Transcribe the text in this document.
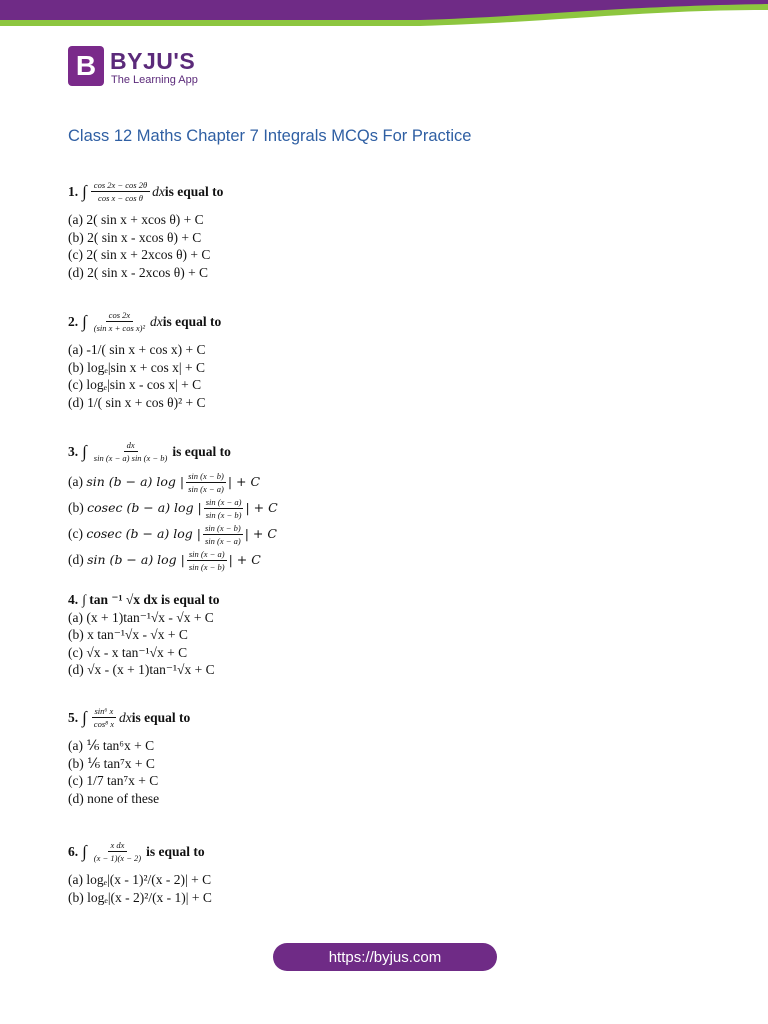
B BYJU'S
The Learning App
Class 12 Maths Chapter 7 Integrals MCQs For Practice
1. ∫ $\frac{\cos 2x - \cos 2\theta}{\text{cos x − cos θ}}$ dx is equal to
(a) 2( sin x + xcos θ) + C
(b) 2( sin x - xcos θ) + C
(c) 2( sin x + 2xcos θ) + C
(d) 2( sin x - 2xcos θ) + C
2. ∫ $\frac{\cos 2x}{\text{(sin x + cos x)²}}$ dx is equal to
(a) -1/( sin x + cos x) + C
(b) logₑ|sin x + cos x| + C
(c) logₑ|sin x - cos x| + C
(d) 1/( sin x + cos θ)² + C
3. ∫ $\frac{dx}{\sin (x - a) \sin (x - b)}$ is equal to
(a) sin (b − a) log | $\frac{\sin (x - b)}{\sin (x - a)}$ | + C
(b) cosec (b − a) log | $\frac{\sin (x - a)}{\sin (x - b)}$ | + C
(c) cosec (b − a) log | $\frac{\sin (x - b)}{\sin (x - a)}$ | + C
(d) sin (b − a) log | $\frac{\sin (x - a)}{\sin (x - b)}$ | + C
4. ∫ tan ⁻¹ √x dx is equal to
(a) (x + 1)tan⁻¹√x - √x + C
(b) x tan⁻¹√x - √x + C
(c) √x - x tan⁻¹√x + C
(d) √x - (x + 1)tan⁻¹√x + C
5. ∫ $\frac{\text{sin⁶ x}}{\text{cos⁸ x}}$ dx is equal to
(a) ⅙ tan⁶x + C
(b) ⅙ tan⁷x + C
(c) 1/7 tan⁷x + C
(d) none of these
6. ∫ $\frac{\text{x dx}}{(x - 1)(x - 2)}$ is equal to
(a) logₑ|(x - 1)²/(x - 2)| + C
(b) logₑ|(x - 2)²/(x - 1)| + C
https://byjus.com
